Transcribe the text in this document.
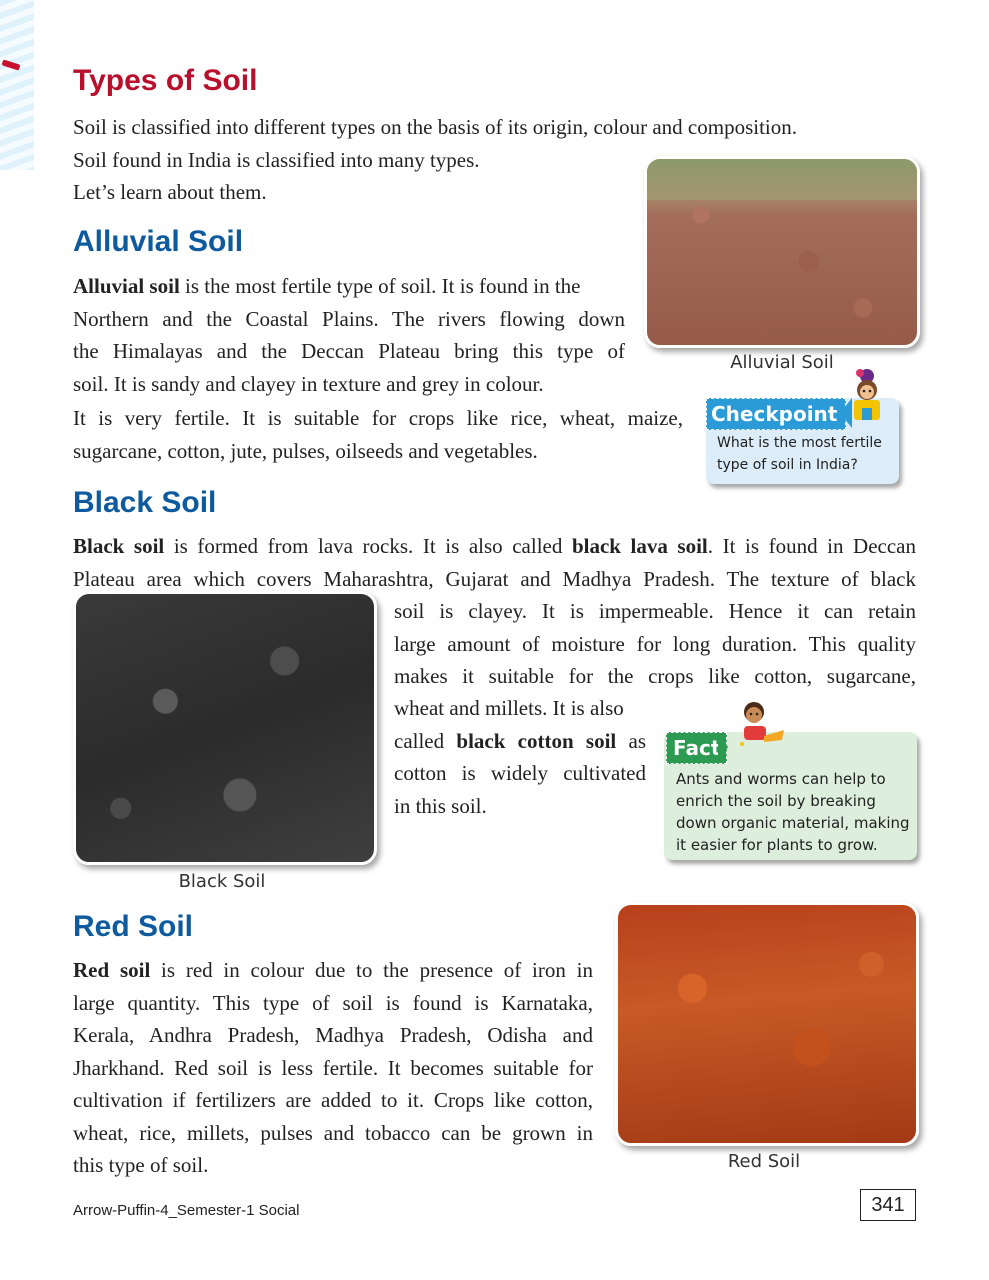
Types of Soil
Soil is classified into different types on the basis of its origin, colour and composition.
Soil found in India is classified into many types.
Let’s learn about them.
Alluvial Soil
Alluvial soil is the most fertile type of soil. It is found in the
Northern and the Coastal Plains. The rivers flowing down
the Himalayas and the Deccan Plateau bring this type of
soil. It is sandy and clayey in texture and grey in colour.
It is very fertile. It is suitable for crops like rice, wheat, maize,
sugarcane, cotton, jute, pulses, oilseeds and vegetables.
Alluvial Soil
Checkpoint
What is the most fertile type of soil in India?
Black Soil
Black soil is formed from lava rocks. It is also called black lava soil. It is found in Deccan
Plateau area which covers Maharashtra, Gujarat and Madhya Pradesh. The texture of black
soil is clayey. It is impermeable. Hence it can retain
large amount of moisture for long duration. This quality
makes it suitable for the crops like cotton, sugarcane,
wheat and millets. It is also
called black cotton soil as
cotton is widely cultivated
in this soil.
Black Soil
Fact
Ants and worms can help to enrich the soil by breaking down organic material, making it easier for plants to grow.
Red Soil
Red soil is red in colour due to the presence of iron in
large quantity. This type of soil is found is Karnataka,
Kerala, Andhra Pradesh, Madhya Pradesh, Odisha and
Jharkhand. Red soil is less fertile. It becomes suitable for
cultivation if fertilizers are added to it. Crops like cotton,
wheat, rice, millets, pulses and tobacco can be grown in
this type of soil.	Red Soil
Arrow-Puffin-4_Semester-1 Social	341
